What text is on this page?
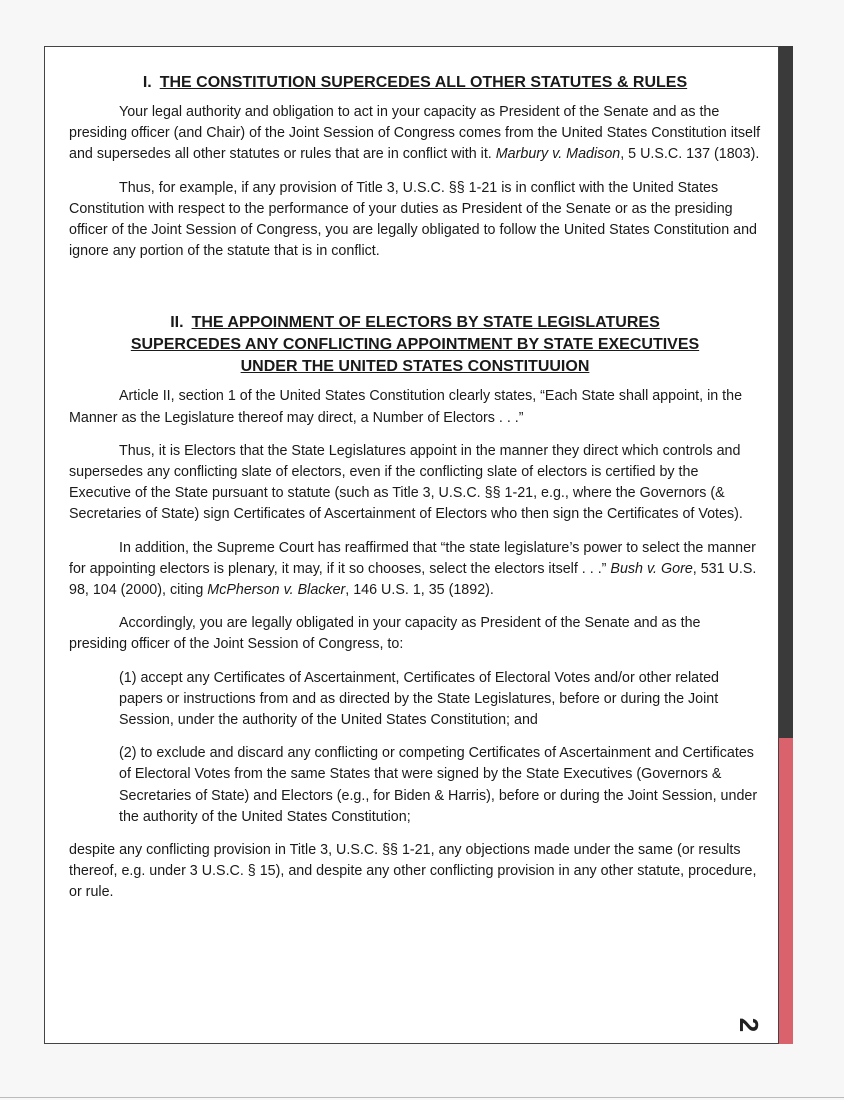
I. THE CONSTITUTION SUPERCEDES ALL OTHER STATUTES & RULES

Your legal authority and obligation to act in your capacity as President of the Senate and as the presiding officer (and Chair) of the Joint Session of Congress comes from the United States Constitution itself and supersedes all other statutes or rules that are in conflict with it. Marbury v. Madison, 5 U.S.C. 137 (1803).

Thus, for example, if any provision of Title 3, U.S.C. §§ 1-21 is in conflict with the United States Constitution with respect to the performance of your duties as President of the Senate or as the presiding officer of the Joint Session of Congress, you are legally obligated to follow the United States Constitution and ignore any portion of the statute that is in conflict.

II. THE APPOINMENT OF ELECTORS BY STATE LEGISLATURES
SUPERCEDES ANY CONFLICTING APPOINTMENT BY STATE EXECUTIVES
UNDER THE UNITED STATES CONSTITUUION

Article II, section 1 of the United States Constitution clearly states, “Each State shall appoint, in the Manner as the Legislature thereof may direct, a Number of Electors . . .”

Thus, it is Electors that the State Legislatures appoint in the manner they direct which controls and supersedes any conflicting slate of electors, even if the conflicting slate of electors is certified by the Executive of the State pursuant to statute (such as Title 3, U.S.C. §§ 1-21, e.g., where the Governors (& Secretaries of State) sign Certificates of Ascertainment of Electors who then sign the Certificates of Votes).

In addition, the Supreme Court has reaffirmed that “the state legislature’s power to select the manner for appointing electors is plenary, it may, if it so chooses, select the electors itself . . .” Bush v. Gore, 531 U.S. 98, 104 (2000), citing McPherson v. Blacker, 146 U.S. 1, 35 (1892).

Accordingly, you are legally obligated in your capacity as President of the Senate and as the presiding officer of the Joint Session of Congress, to:

(1) accept any Certificates of Ascertainment, Certificates of Electoral Votes and/or other related papers or instructions from and as directed by the State Legislatures, before or during the Joint Session, under the authority of the United States Constitution; and

(2) to exclude and discard any conflicting or competing Certificates of Ascertainment and Certificates of Electoral Votes from the same States that were signed by the State Executives (Governors & Secretaries of State) and Electors (e.g., for Biden & Harris), before or during the Joint Session, under the authority of the United States Constitution;

despite any conflicting provision in Title 3, U.S.C. §§ 1-21, any objections made under the same (or results thereof, e.g. under 3 U.S.C. § 15), and despite any other conflicting provision in any other statute, procedure, or rule.

2
